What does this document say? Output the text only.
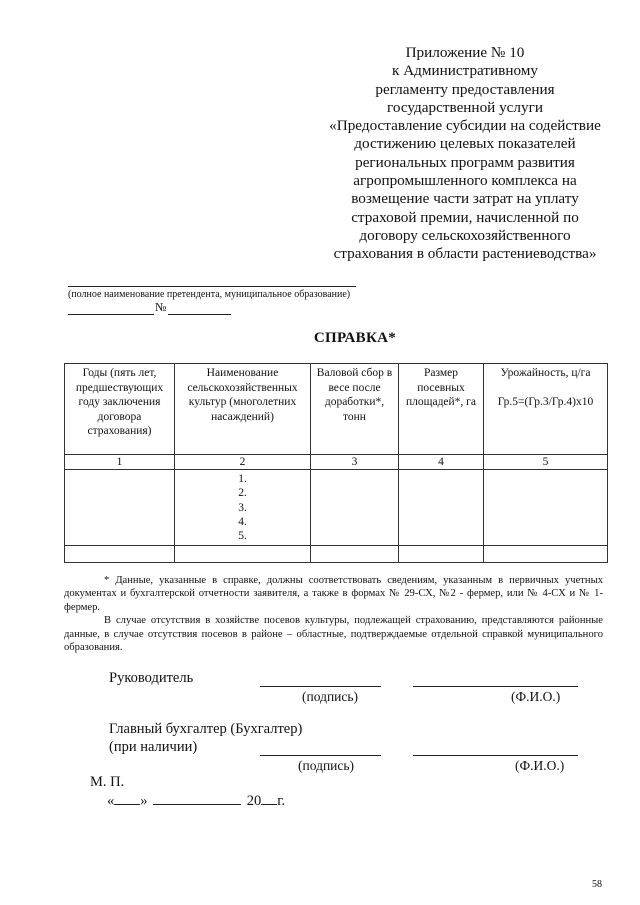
Приложение № 10
к Административному
регламенту предоставления
государственной услуги
«Предоставление субсидии на содействие
достижению целевых показателей
региональных программ развития
агропромышленного комплекса на
возмещение части затрат на уплату
страховой премии, начисленной по
договору сельскохозяйственного
страхования в области растениеводства»
(полное наименование претендента, муниципальное образование)
№
СПРАВКА*
Годы (пять лет, предшествующих году заключения договора страхования)	Наименование сельскохозяйственных культур (многолетних насаждений)	Валовой сбор в весе после доработки*, тонн	Размер посевных площадей*, га	Урожайность, ц/га
Гр.5=(Гр.3/Гр.4)x10

1	2	3	4	5

	1.
2.
3.
4.
5.			

* Данные, указанные в справке, должны соответствовать сведениям, указанным в первичных учетных документах и бухгалтерской отчетности заявителя, а также в формах № 29-СХ, №2 - фермер, или № 4-СХ и № 1-фермер.

В случае отсутствия в хозяйстве посевов культуры, подлежащей страхованию, представляются районные данные, в случае отсутствия посевов в районе – областные, подтверждаемые отдельной справкой муниципального образования.

Руководитель
(подпись)	(Ф.И.О.)
Главный бухгалтер (Бухгалтер)
(при наличии)
(подпись)	(Ф.И.О.)
М. П.
« »	20 г.
58
